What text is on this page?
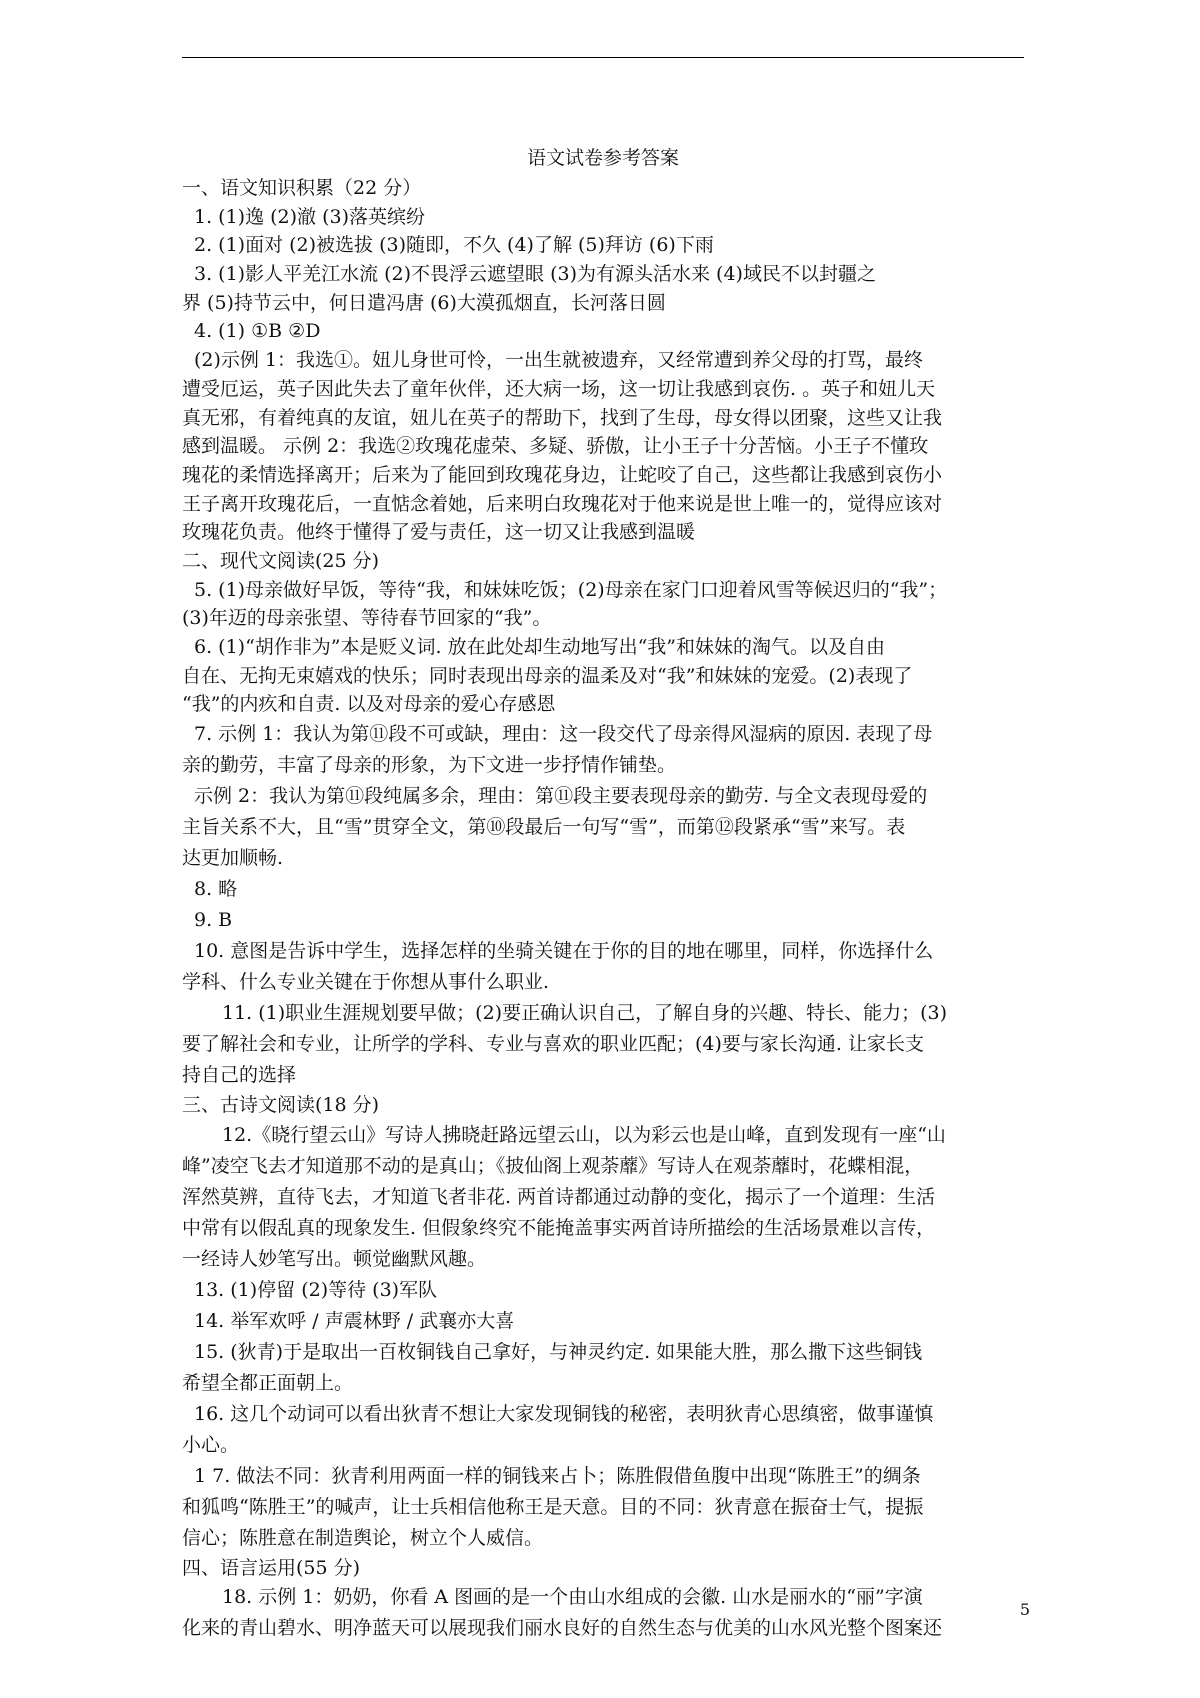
语文试卷参考答案
一、语文知识积累（22 分）
1. (1)逸 (2)澈 (3)落英缤纷
2. (1)面对 (2)被选拔 (3)随即，不久 (4)了解 (5)拜访 (6)下雨
3. (1)影人平羌江水流 (2)不畏浮云遮望眼 (3)为有源头活水来 (4)域民不以封疆之
界 (5)持节云中，何日遣冯唐 (6)大漠孤烟直，长河落日圆
4. (1) ①B ②D
(2)示例 1：我选①。妞儿身世可怜，一出生就被遗弃，又经常遭到养父母的打骂，最终
遭受厄运，英子因此失去了童年伙伴，还大病一场，这一切让我感到哀伤. 。英子和妞儿天
真无邪，有着纯真的友谊，妞儿在英子的帮助下，找到了生母，母女得以团聚，这些又让我
感到温暖。 示例 2：我选②玫瑰花虚荣、多疑、骄傲，让小王子十分苦恼。小王子不懂玫
瑰花的柔情选择离开；后来为了能回到玫瑰花身边，让蛇咬了自己，这些都让我感到哀伤小
王子离开玫瑰花后，一直惦念着她，后来明白玫瑰花对于他来说是世上唯一的，觉得应该对
玫瑰花负责。他终于懂得了爱与责任，这一切又让我感到温暖
二、现代文阅读(25 分)
5. (1)母亲做好早饭，等待“我，和妹妹吃饭；(2)母亲在家门口迎着风雪等候迟归的“我”；
(3)年迈的母亲张望、等待春节回家的“我”。
6. (1)“胡作非为”本是贬义词. 放在此处却生动地写出“我”和妹妹的淘气。以及自由
自在、无拘无束嬉戏的快乐；同时表现出母亲的温柔及对“我”和妹妹的宠爱。(2)表现了
“我”的内疚和自责. 以及对母亲的爱心存感恩
7. 示例 1：我认为第⑪段不可或缺，理由：这一段交代了母亲得风湿病的原因. 表现了母
亲的勤劳，丰富了母亲的形象，为下文进一步抒情作铺垫。
示例 2：我认为第⑪段纯属多余，理由：第⑪段主要表现母亲的勤劳. 与全文表现母爱的
主旨关系不大，且“雪”贯穿全文，第⑩段最后一句写“雪”，而第⑫段紧承“雪”来写。表
达更加顺畅.
8. 略
9. B
10. 意图是告诉中学生，选择怎样的坐骑关键在于你的目的地在哪里，同样，你选择什么
学科、什么专业关键在于你想从事什么职业.
11. (1)职业生涯规划要早做；(2)要正确认识自己，了解自身的兴趣、特长、能力；(3)
要了解社会和专业，让所学的学科、专业与喜欢的职业匹配；(4)要与家长沟通. 让家长支
持自己的选择
三、古诗文阅读(18 分)
12.《晓行望云山》写诗人拂晓赶路远望云山，以为彩云也是山峰，直到发现有一座“山
峰”凌空飞去才知道那不动的是真山；《披仙阁上观荼蘼》写诗人在观荼蘼时，花蝶相混，
浑然莫辨，直待飞去，才知道飞者非花. 两首诗都通过动静的变化，揭示了一个道理：生活
中常有以假乱真的现象发生. 但假象终究不能掩盖事实两首诗所描绘的生活场景难以言传，
一经诗人妙笔写出。顿觉幽默风趣。
13. (1)停留 (2)等待 (3)军队
14. 举军欢呼 / 声震林野 / 武襄亦大喜
15. (狄青)于是取出一百枚铜钱自己拿好，与神灵约定. 如果能大胜，那么撒下这些铜钱
希望全都正面朝上。
16. 这几个动词可以看出狄青不想让大家发现铜钱的秘密，表明狄青心思缜密，做事谨慎
小心。
1 7. 做法不同：狄青利用两面一样的铜钱来占卜；陈胜假借鱼腹中出现“陈胜王”的绸条
和狐鸣“陈胜王”的喊声，让士兵相信他称王是天意。目的不同：狄青意在振奋士气，提振
信心；陈胜意在制造舆论，树立个人威信。
四、语言运用(55 分)
18. 示例 1：奶奶，你看 A 图画的是一个由山水组成的会徽. 山水是丽水的“丽”字演
化来的青山碧水、明净蓝天可以展现我们丽水良好的自然生态与优美的山水风光整个图案还
5
